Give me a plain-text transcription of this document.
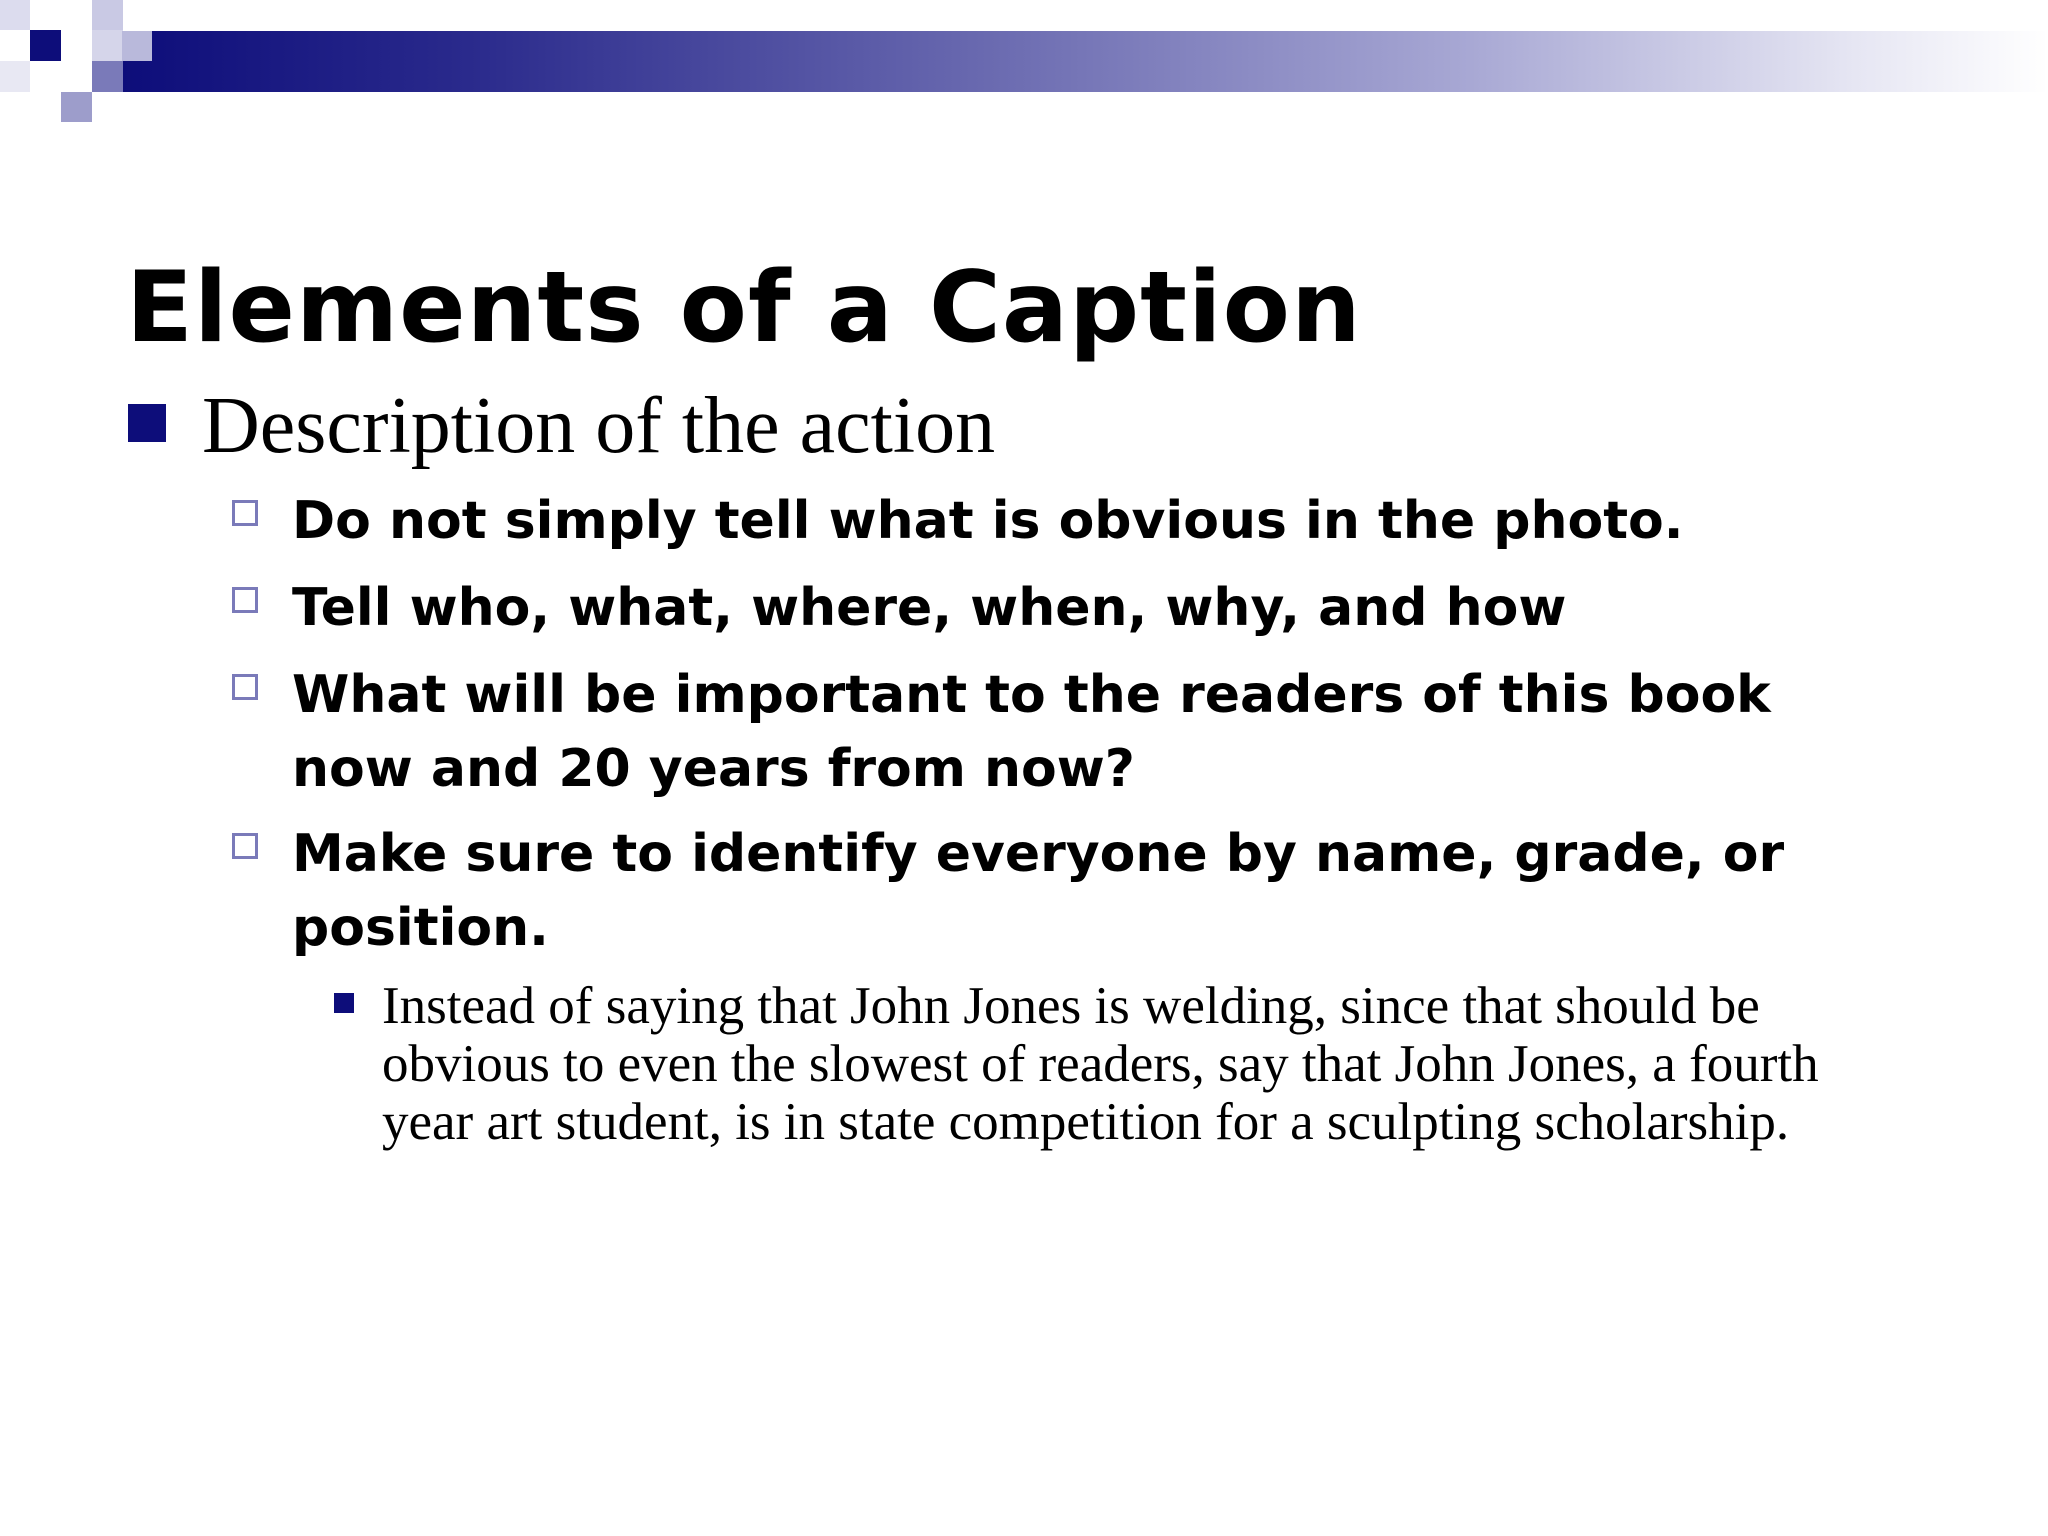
Elements of a Caption
Description of the action
Do not simply tell what is obvious in the photo.
Tell who, what, where, when, why, and how
What will be important to the readers of this book now and 20 years from now?
Make sure to identify everyone by name, grade, or position.
Instead of saying that John Jones is welding, since that should be obvious to even the slowest of readers, say that John Jones, a fourth year art student, is in state competition for a sculpting scholarship.
